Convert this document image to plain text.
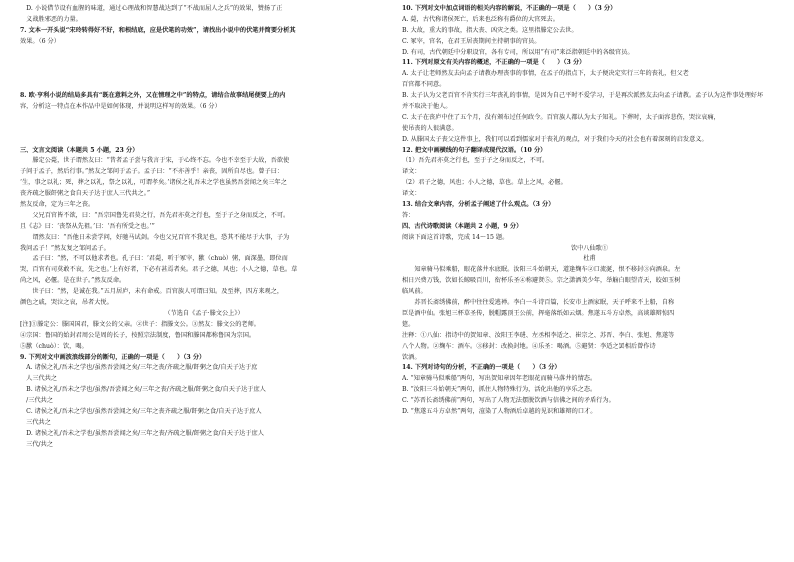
　D. 小说借节设有血腥的味道，通过心理战和智慧战达到了“不战而屈人之兵”的效果，赞扬了正
　义战胜邪恶的力量。
7. 文本一开头说“宋玲转得好不好，和根结底，应是伏笔的功效”，请找出小说中的伏笔并简要分析其
效果。（6 分）
8. 欧·亨利小说的结局多具有“既在意料之外，又在情理之中”的特点，请结合故事结尾便要上的内
容，分析这一特点在本作品中是如何体现，并说明这样写的效果。（6 分）
三、文言文阅读（本题共 5 小题，23 分）
　　滕定公薨，世子谓然友曰：“昔者孟子尝与我言于宋，于心终不忘。今也不幸至于大故，吾欲使
子问于孟子，然后行事。”然友之邹问于孟子。孟子曰：“不亦善乎！亲丧，固所自尽也。曾子曰：
‘生，事之以礼；死，葬之以礼，祭之以礼，可谓孝矣。’诸侯之礼吾未之学也虽然吾尝闻之矣三年之
丧齐疏之服飦粥之食自天子达于庶人三代共之。”
然友反命，定为三年之丧。
　　父兄百官皆不欲，曰：“吾宗国鲁先君莫之行，吾先君亦莫之行也，至于子之身而反之，不可。
且《志》曰：‘丧祭从先祖。’曰：‘吾有所受之也。’”
　　谓然友曰：“吾他日未尝学问，好驰马试剑。今也父兄百官不我足也，恐其不能尽于大事，子为
我问孟子！”然友复之邹问孟子。
　　孟子曰：“然，不可以他求者也。孔子曰：‘君薨，听于冢宰，歠（chuò）粥，面深墨，即位而
哭，百官有司莫敢不哀，先之也。’上有好者，下必有甚焉者矣。君子之德，风也；小人之德，草也。草
尚之风，必偃。是在世子。”然友反命。
　　世子曰：“然，是诚在我。”五月居庐，未有命戒。百官族人可谓曰知。及至葬，四方来观之，
颜色之戚，哭泣之哀，吊者大悦。
（节选自《孟子·滕文公上》）
[注]①滕定公：滕国国君，滕文公的父亲。②世子：指滕文公。③然友：滕文公的老师。
④宗国：鲁国的始封君周公是周的长子，按照宗法制度，鲁国和滕国都称鲁国为宗国。
⑤歠（chuò）：饮，喝。
9. 下列对文中画波浪线部分的断句，正确的一项是（　　）（3 分）
　A. 诸侯之礼/吾未之学也/虽然吾尝闻之矣/三年之丧/齐疏之服/飦粥之食/自天子达于庶
　人三代共之
　B. 诸侯之礼/吾未之学也/虽然/吾尝闻之矣/三年之丧/齐疏之服/飦粥之食/自天子达于庶人
　/三代共之
　C. 诸侯之礼/吾未之学也/虽然吾尝闻之矣/三年之丧齐疏之服/飦粥之食/自天子达于庶人
　三代共之
　D. 诸侯之礼/吾未之学也/虽然吾尝闻之矣/三年之丧/齐疏之服/飦粥之食/自天子达于庶人
　三代/共之
10. 下列对文中加点词语的相关内容的解说，不正确的一项是（　　）（3 分）
A. 薨，古代称诸侯死亡，后来也泛称有爵位的大官死去。
B. 大故，重大的事故，指大丧、凶灾之类。这里指滕定公去世。
C. 冢宰，官名，在君王居丧期间主持朝事的官员。
D. 有司，古代朝廷中分职设官，各有专司，所以用“有司”来泛指朝廷中的各级官员。
11. 下列对原文有关内容的概述，不正确的一项是（　　）（3 分）
A. 太子让老师然友去向孟子请教办理丧事的事情，在孟子的指点下，太子便决定实行三年的丧礼，但父老
百官都不同意。
B. 太子认为父老百官不肯实行三年丧礼的事情，是因为自己平时不爱学习，于是再次派然友去向孟子请教。孟子认为这件事处理好坏
并不取决于他人。
C. 太子在丧庐中住了五个月，没有颁布过任何政令。百官族人都认为太子知礼。下葬时，太子面容悲伤，哭泣哀痛，
使吊丧的人很满意。
D. 从滕国太子丧父这件事上，我们可以看到儒家对于丧礼的观点，对于我们今天的社会也有着深刻的启发意义。
12. 把文中画横线的句子翻译成现代汉语。（10 分）
（1）吾先君亦莫之行也，至于子之身而反之，不可。
译文：
（2）君子之德，风也；小人之德，草也。草上之风，必偃。
译文：
13. 结合文章内容，分析孟子阐述了什么观点。（3 分）
答：
四、古代诗歌阅读（本题共 2 小题，9 分）
阅读下面这首诗歌，完成 14～15 题。
饮中八仙歌①
杜甫
　　知章骑马似乘船，眼花落井水底眠。汝阳三斗始朝天，道逢麹车②口流涎，恨不移封③向酒泉。左
相日兴费万钱，饮如长鲸吸百川，衔杯乐圣④称避贤⑤。宗之潇洒美少年，举觞白眼望青天，皎如玉树
临风前。
　　苏晋长斋绣佛前，醉中往往爱逃禅。李白一斗诗百篇，长安市上酒家眠，天子呼来不上船，自称
臣是酒中仙。张旭三杯草圣传，脱帽露顶王公前，挥毫落纸如云烟。焦遂五斗方卓然，高谈雄辩惊四
筵。
注释：①八仙：指诗中的贺知章、汝阳王李琎、左丞相李适之、崔宗之、苏晋、李白、张旭、焦遂等
八个人物。②麹车：酒车。③移封：改换封地。④乐圣：喝酒。⑤避贤：李适之罢相后曾作诗
饮酒。
14. 下列对诗句的分析，不正确的一项是（　　）（3 分）
A. “知章骑马似乘船”两句，写出贺知章因年老眼花而骑马落井的情态。
B. “汝阳三斗始朝天”两句，抓住人物特殊行为，活化出他的享乐之态。
C. “苏晋长斋绣佛前”两句，写出了人物无法摆脱饮酒与信佛之间的矛盾行为。
D. “焦遂五斗方卓然”两句，渲染了人物酒后卓越的见识和雄辩的口才。
